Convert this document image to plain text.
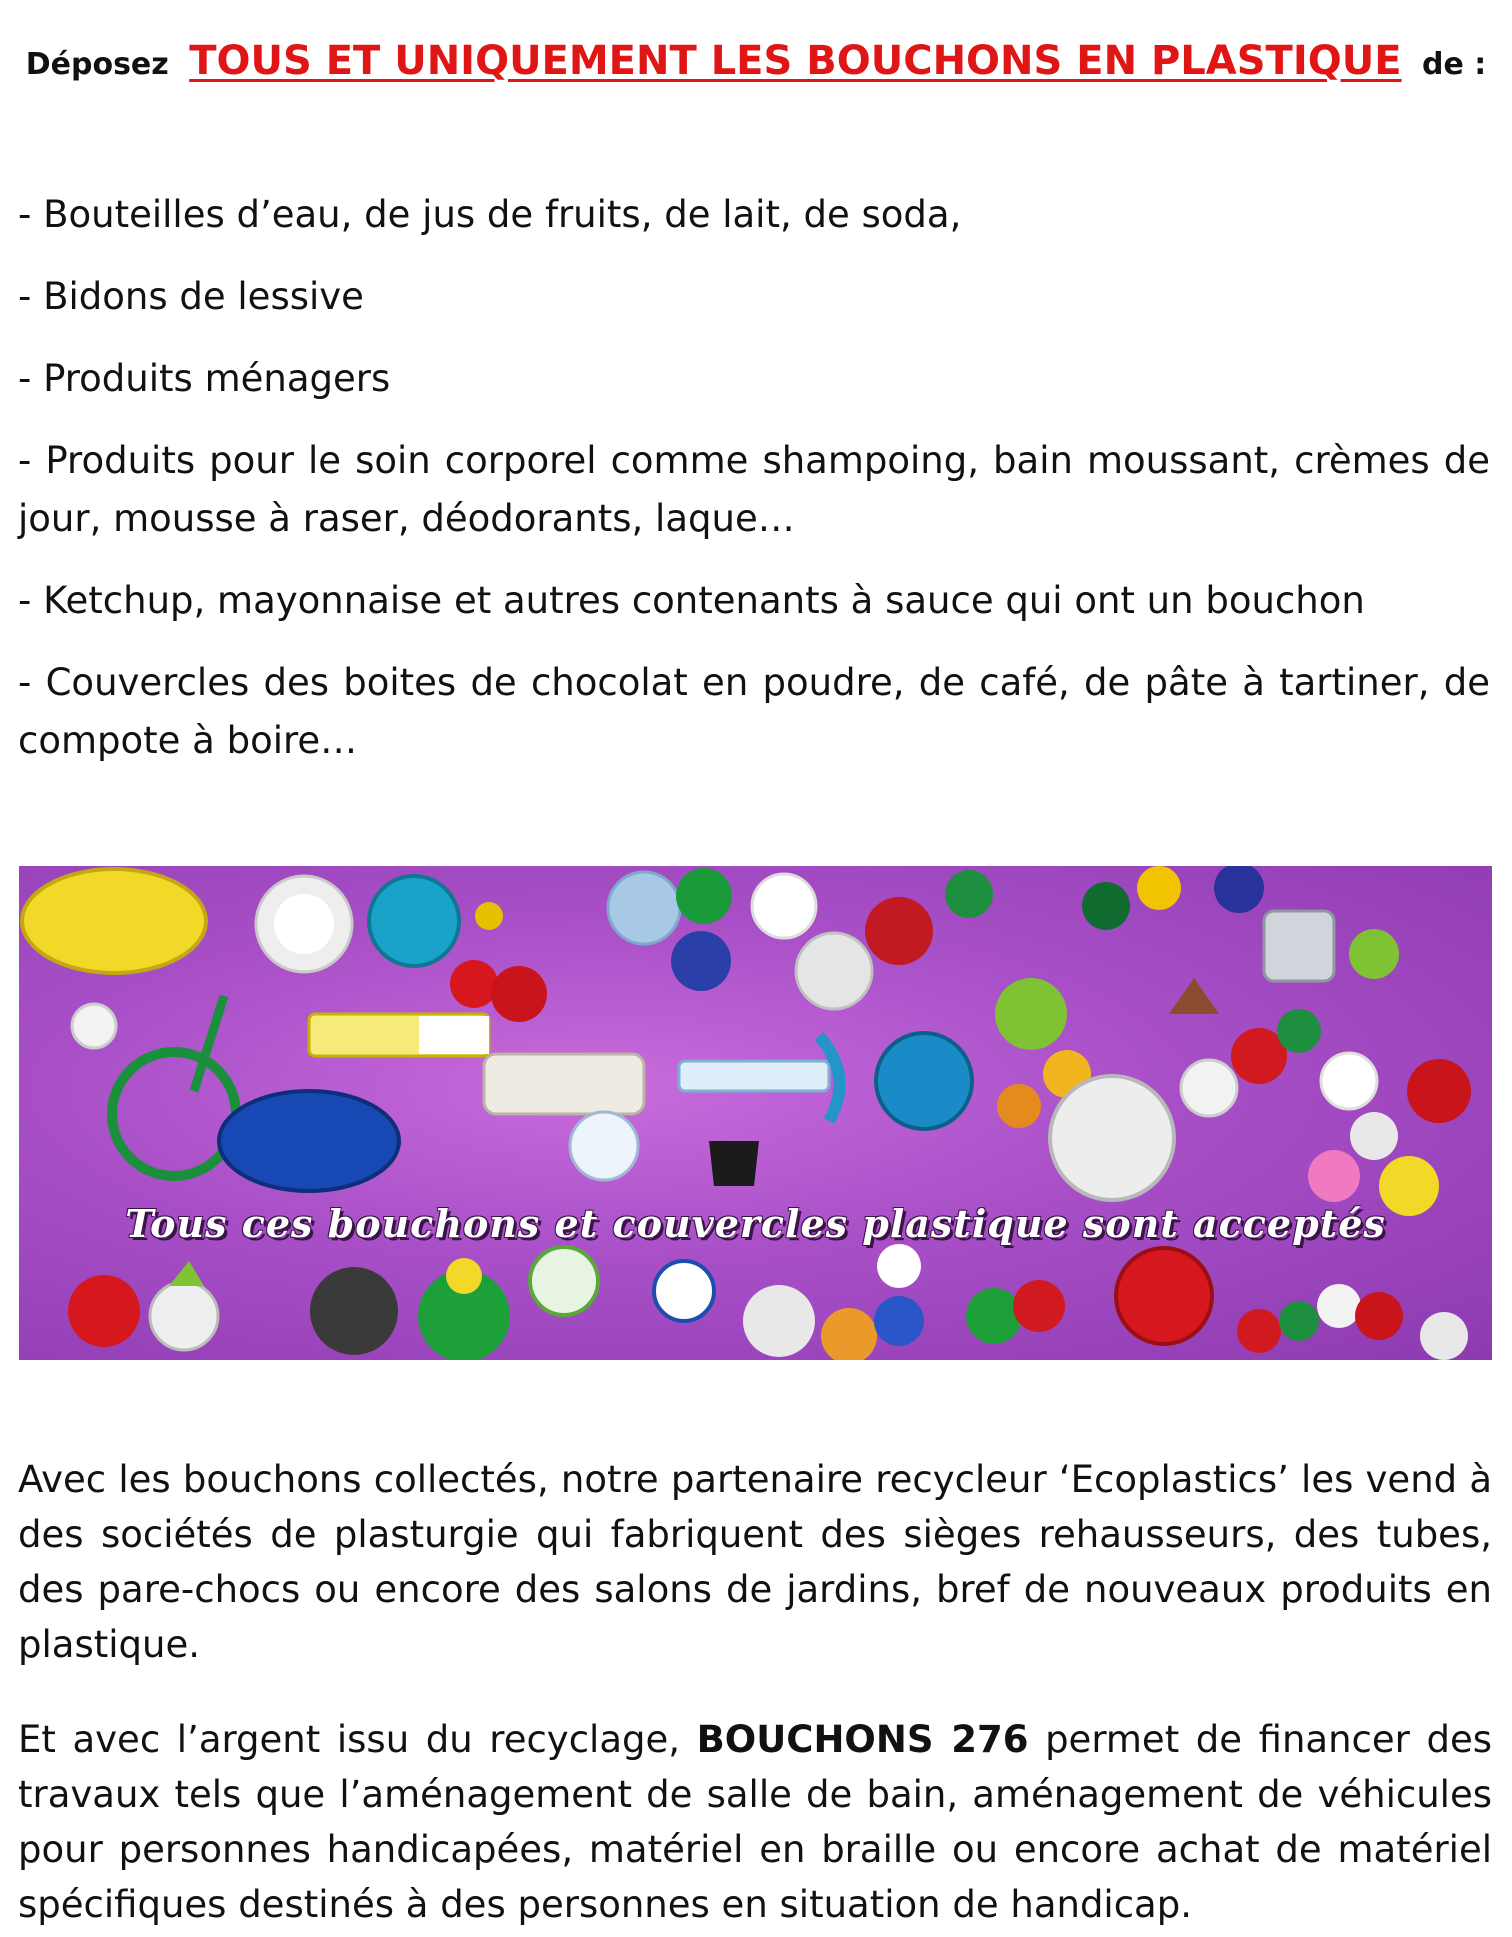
Déposez TOUS ET UNIQUEMENT LES BOUCHONS EN PLASTIQUE de :
- Bouteilles d’eau, de jus de fruits, de lait, de soda,
- Bidons de lessive
- Produits ménagers
- Produits pour le soin corporel comme shampoing, bain moussant, crèmes de jour, mousse à raser, déodorants, laque…
- Ketchup, mayonnaise et autres contenants à sauce qui ont un bouchon
- Couvercles des boites de chocolat en poudre, de café, de pâte à tartiner, de compote à boire…
Tous ces bouchons et couvercles plastique sont acceptés

Avec les bouchons collectés, notre partenaire recycleur ‘Ecoplastics’ les vend à des sociétés de plasturgie qui fabriquent des sièges rehausseurs, des tubes, des pare-chocs ou encore des salons de jardins, bref de nouveaux produits en plastique.

Et avec l’argent issu du recyclage, BOUCHONS 276 permet de financer des travaux tels que l’aménagement de salle de bain, aménagement de véhicules pour personnes handicapées, matériel en braille ou encore achat de matériel spécifiques destinés à des personnes en situation de handicap.
